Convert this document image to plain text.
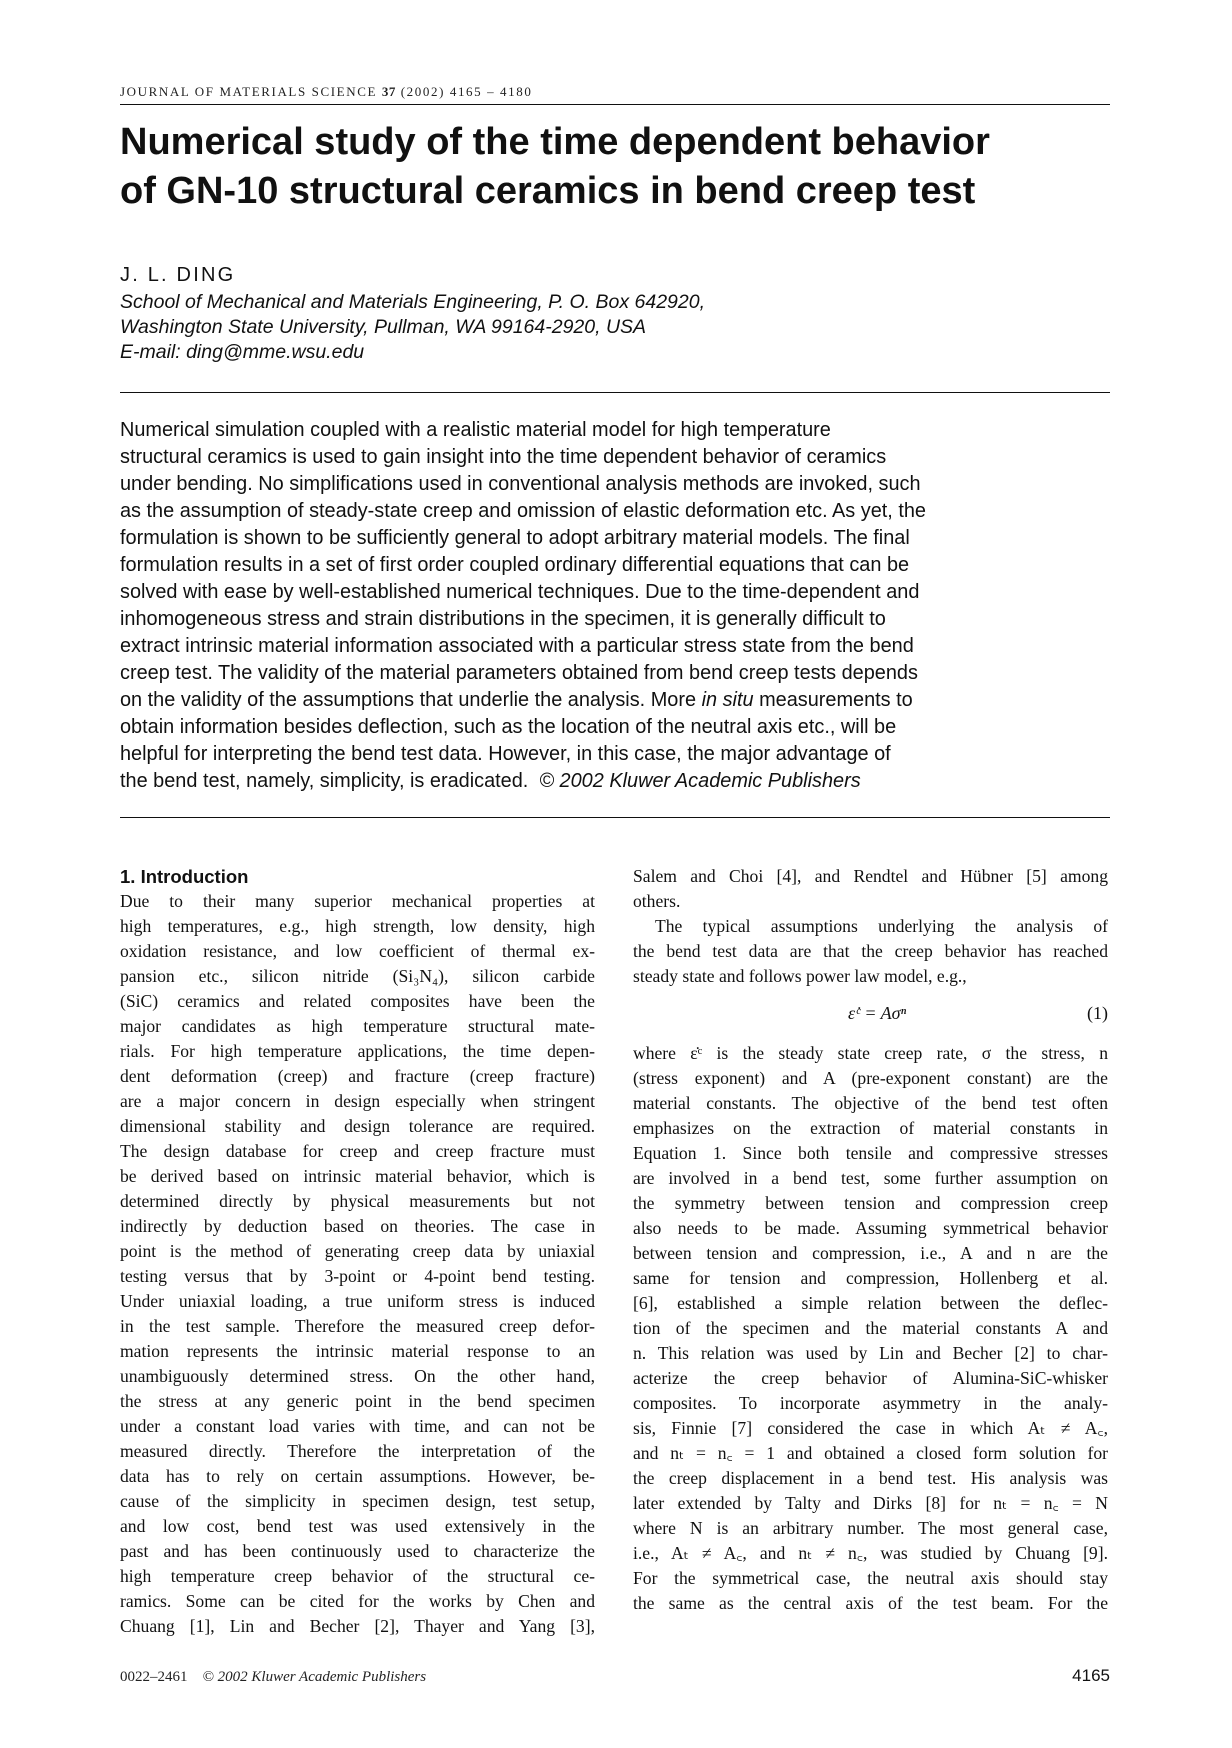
JOURNAL OF MATERIALS SCIENCE 37 (2002) 4165 – 4180
Numerical study of the time dependent behavior
of GN-10 structural ceramics in bend creep test
J. L. DING
School of Mechanical and Materials Engineering, P. O. Box 642920,
Washington State University, Pullman, WA 99164-2920, USA
E-mail: ding@mme.wsu.edu
Numerical simulation coupled with a realistic material model for high temperature
structural ceramics is used to gain insight into the time dependent behavior of ceramics
under bending. No simplifications used in conventional analysis methods are invoked, such
as the assumption of steady-state creep and omission of elastic deformation etc. As yet, the
formulation is shown to be sufficiently general to adopt arbitrary material models. The final
formulation results in a set of first order coupled ordinary differential equations that can be
solved with ease by well-established numerical techniques. Due to the time-dependent and
inhomogeneous stress and strain distributions in the specimen, it is generally difficult to
extract intrinsic material information associated with a particular stress state from the bend
creep test. The validity of the material parameters obtained from bend creep tests depends
on the validity of the assumptions that underlie the analysis. More in situ measurements to
obtain information besides deflection, such as the location of the neutral axis etc., will be
helpful for interpreting the bend test data. However, in this case, the major advantage of
the bend test, namely, simplicity, is eradicated. © 2002 Kluwer Academic Publishers
1. Introduction
Due to their many superior mechanical properties at
high temperatures, e.g., high strength, low density, high
oxidation resistance, and low coefficient of thermal ex-
pansion etc., silicon nitride (Si₃N₄), silicon carbide
(SiC) ceramics and related composites have been the
major candidates as high temperature structural mate-
rials. For high temperature applications, the time depen-
dent deformation (creep) and fracture (creep fracture)
are a major concern in design especially when stringent
dimensional stability and design tolerance are required.
The design database for creep and creep fracture must
be derived based on intrinsic material behavior, which is
determined directly by physical measurements but not
indirectly by deduction based on theories. The case in
point is the method of generating creep data by uniaxial
testing versus that by 3-point or 4-point bend testing.
Under uniaxial loading, a true uniform stress is induced
in the test sample. Therefore the measured creep defor-
mation represents the intrinsic material response to an
unambiguously determined stress. On the other hand,
the stress at any generic point in the bend specimen
under a constant load varies with time, and can not be
measured directly. Therefore the interpretation of the
data has to rely on certain assumptions. However, be-
cause of the simplicity in specimen design, test setup,
and low cost, bend test was used extensively in the
past and has been continuously used to characterize the
high temperature creep behavior of the structural ce-
ramics. Some can be cited for the works by Chen and
Chuang [1], Lin and Becher [2], Thayer and Yang [3],
Salem and Choi [4], and Rendtel and Hübner [5] among
others.
The typical assumptions underlying the analysis of
the bend test data are that the creep behavior has reached
steady state and follows power law model, e.g.,
ε̇ᶜ = Aσⁿ	(1)
where ε̇ᶜ is the steady state creep rate, σ the stress, n
(stress exponent) and A (pre-exponent constant) are the
material constants. The objective of the bend test often
emphasizes on the extraction of material constants in
Equation 1. Since both tensile and compressive stresses
are involved in a bend test, some further assumption on
the symmetry between tension and compression creep
also needs to be made. Assuming symmetrical behavior
between tension and compression, i.e., A and n are the
same for tension and compression, Hollenberg et al.
[6], established a simple relation between the deflec-
tion of the specimen and the material constants A and
n. This relation was used by Lin and Becher [2] to char-
acterize the creep behavior of Alumina-SiC-whisker
composites. To incorporate asymmetry in the analy-
sis, Finnie [7] considered the case in which Aₜ ≠ A꜀,
and nₜ = n꜀ = 1 and obtained a closed form solution for
the creep displacement in a bend test. His analysis was
later extended by Talty and Dirks [8] for nₜ = n꜀ = N
where N is an arbitrary number. The most general case,
i.e., Aₜ ≠ A꜀, and nₜ ≠ n꜀, was studied by Chuang [9].
For the symmetrical case, the neutral axis should stay
the same as the central axis of the test beam. For the
0022–2461 © 2002 Kluwer Academic Publishers	4165
